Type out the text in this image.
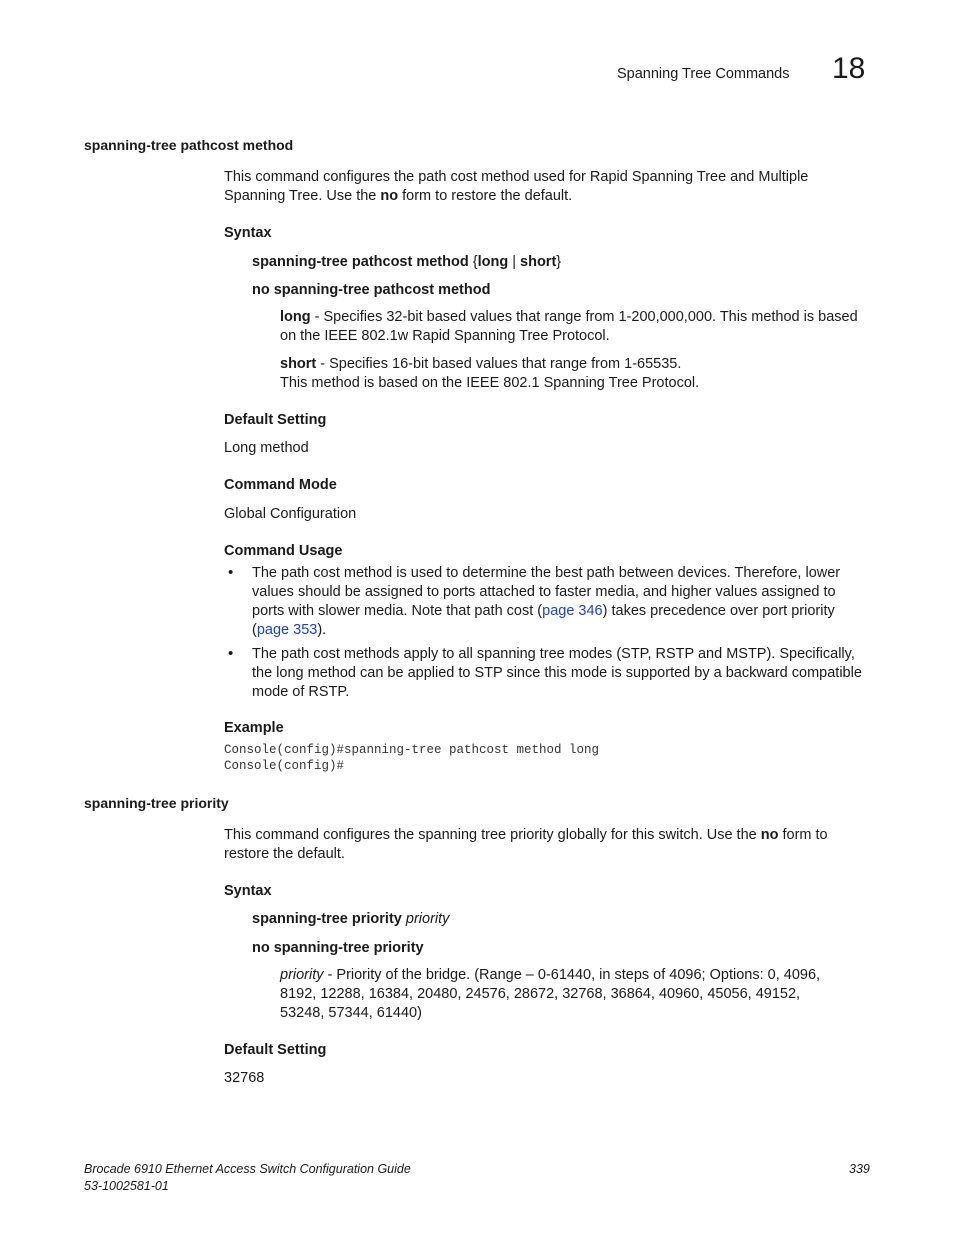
Spanning Tree Commands 18
spanning-tree pathcost method
This command configures the path cost method used for Rapid Spanning Tree and Multiple
Spanning Tree. Use the no form to restore the default.
Syntax
spanning-tree pathcost method {long | short}
no spanning-tree pathcost method
long - Specifies 32-bit based values that range from 1-200,000,000. This method is based
on the IEEE 802.1w Rapid Spanning Tree Protocol.
short - Specifies 16-bit based values that range from 1-65535.
This method is based on the IEEE 802.1 Spanning Tree Protocol.
Default Setting
Long method
Command Mode
Global Configuration
Command Usage
• The path cost method is used to determine the best path between devices. Therefore, lower
values should be assigned to ports attached to faster media, and higher values assigned to
ports with slower media. Note that path cost (page 346) takes precedence over port priority
(page 353).
• The path cost methods apply to all spanning tree modes (STP, RSTP and MSTP). Specifically,
the long method can be applied to STP since this mode is supported by a backward compatible
mode of RSTP.
Example
Console(config)#spanning-tree pathcost method long
Console(config)#
spanning-tree priority
This command configures the spanning tree priority globally for this switch. Use the no form to
restore the default.
Syntax
spanning-tree priority priority
no spanning-tree priority
priority - Priority of the bridge. (Range – 0-61440, in steps of 4096; Options: 0, 4096,
8192, 12288, 16384, 20480, 24576, 28672, 32768, 36864, 40960, 45056, 49152,
53248, 57344, 61440)
Default Setting
32768
Brocade 6910 Ethernet Access Switch Configuration Guide
53-1002581-01
339
